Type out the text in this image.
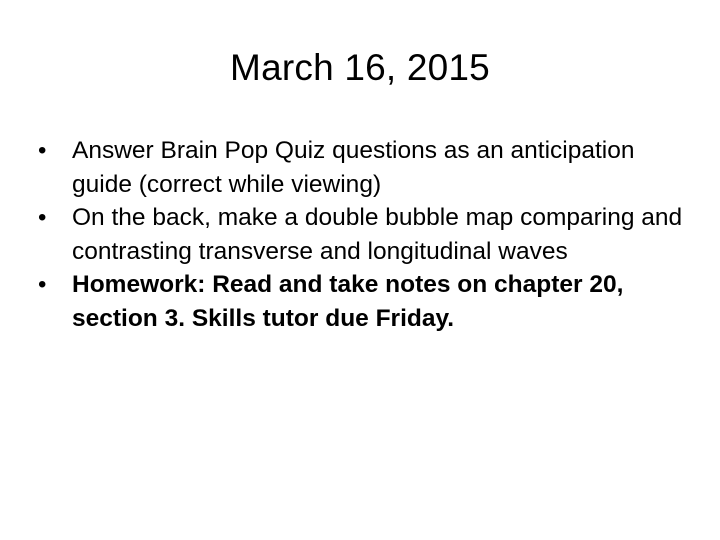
March 16, 2015
• Answer Brain Pop Quiz questions as an anticipation guide (correct while viewing)
• On the back, make a double bubble map comparing and contrasting transverse and longitudinal waves
• Homework: Read and take notes on chapter 20, section 3. Skills tutor due Friday.
